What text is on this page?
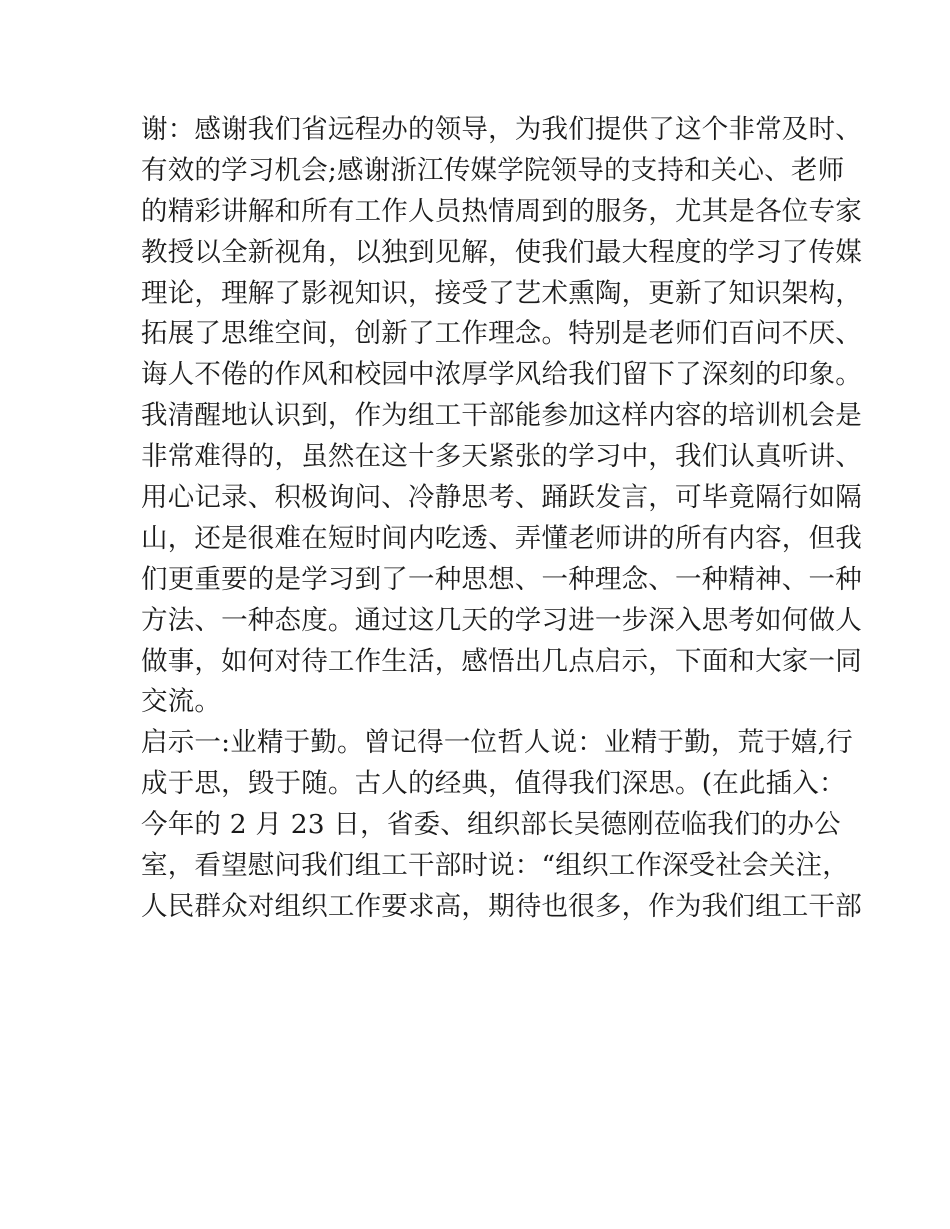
谢：感谢我们省远程办的领导，为我们提供了这个非常及时、
有效的学习机会;感谢浙江传媒学院领导的支持和关心、老师
的精彩讲解和所有工作人员热情周到的服务，尤其是各位专家
教授以全新视角，以独到见解，使我们最大程度的学习了传媒
理论，理解了影视知识，接受了艺术熏陶，更新了知识架构，
拓展了思维空间，创新了工作理念。特别是老师们百问不厌、
诲人不倦的作风和校园中浓厚学风给我们留下了深刻的印象。
我清醒地认识到，作为组工干部能参加这样内容的培训机会是
非常难得的，虽然在这十多天紧张的学习中，我们认真听讲、
用心记录、积极询问、冷静思考、踊跃发言，可毕竟隔行如隔
山，还是很难在短时间内吃透、弄懂老师讲的所有内容，但我
们更重要的是学习到了一种思想、一种理念、一种精神、一种
方法、一种态度。通过这几天的学习进一步深入思考如何做人
做事，如何对待工作生活，感悟出几点启示，下面和大家一同
交流。
启示一:业精于勤。曾记得一位哲人说：业精于勤，荒于嬉,行
成于思，毁于随。古人的经典，值得我们深思。(在此插入：
今年的 2 月 23 日，省委、组织部长吴德刚莅临我们的办公
室，看望慰问我们组工干部时说：“组织工作深受社会关注，
人民群众对组织工作要求高，期待也很多，作为我们组工干部
